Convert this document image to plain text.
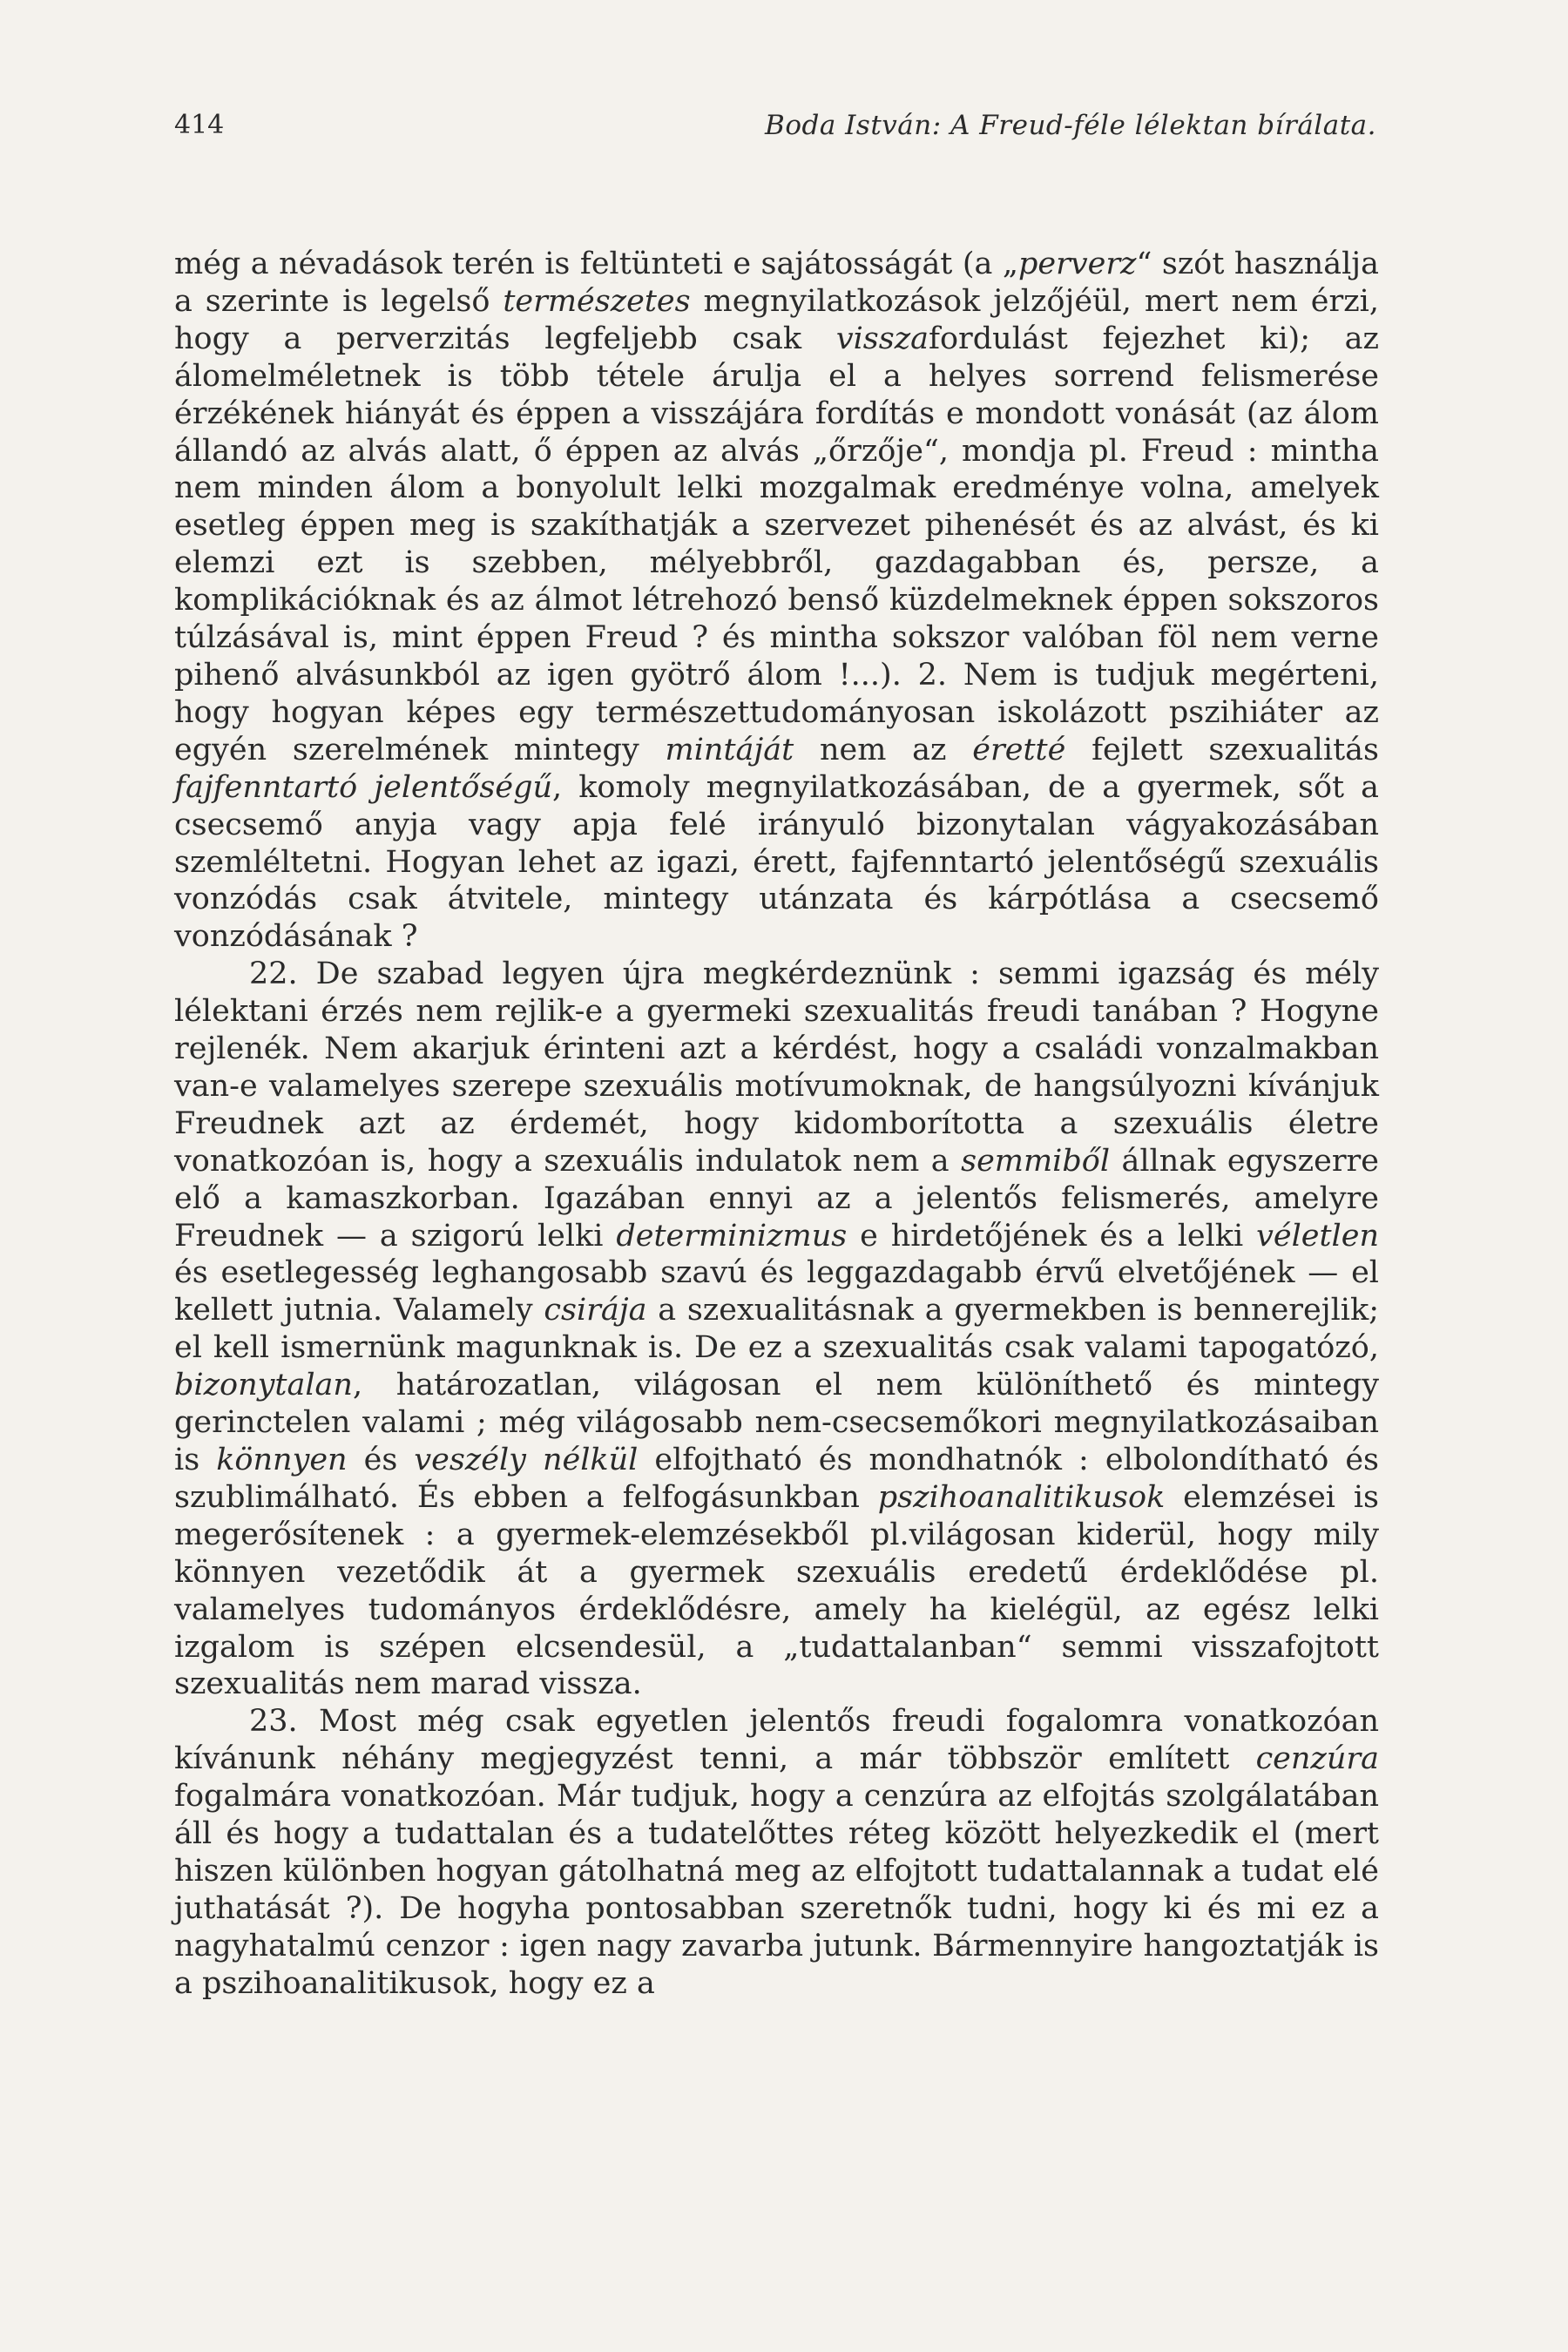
414	Boda István: A Freud-féle lélektan bírálata.

még a névadások terén is feltünteti e sajátosságát (a „perverz“ szót használja a szerinte is legelső természetes megnyilatkozások jelzőjéül, mert nem érzi, hogy a perverzitás legfeljebb csak visszafordulást fejezhet ki); az álomelméletnek is több tétele árulja el a helyes sorrend felismerése érzékének hiányát és éppen a visszájára fordítás e mondott vonását (az álom állandó az alvás alatt, ő éppen az alvás „őrzője“, mondja pl. Freud : mintha nem minden álom a bonyolult lelki mozgalmak eredménye volna, amelyek esetleg éppen meg is szakíthatják a szervezet pihenését és az alvást, és ki elemzi ezt is szebben, mélyebbről, gazdagabban és, persze, a komplikációknak és az álmot létrehozó benső küzdelmeknek éppen sokszoros túlzásával is, mint éppen Freud ? és mintha sokszor valóban föl nem verne pihenő alvásunkból az igen gyötrő álom !...). 2. Nem is tudjuk megérteni, hogy hogyan képes egy természettudományosan iskolázott pszihiáter az egyén szerelmének mintegy mintáját nem az éretté fejlett szexualitás fajfenntartó jelentőségű, komoly megnyilatkozásában, de a gyermek, sőt a csecsemő anyja vagy apja felé irányuló bizonytalan vágyakozásában szemléltetni. Hogyan lehet az igazi, érett, fajfenntartó jelentőségű szexuális vonzódás csak átvitele, mintegy utánzata és kárpótlása a csecsemő vonzódásának ?

22. De szabad legyen újra megkérdeznünk : semmi igazság és mély lélektani érzés nem rejlik-e a gyermeki szexualitás freudi tanában ? Hogyne rejlenék. Nem akarjuk érinteni azt a kérdést, hogy a családi vonzalmakban van-e valamelyes szerepe szexuális motívumoknak, de hangsúlyozni kívánjuk Freudnek azt az érdemét, hogy kidomborította a szexuális életre vonatkozóan is, hogy a szexuális indulatok nem a semmiből állnak egyszerre elő a kamaszkorban. Igazában ennyi az a jelentős felismerés, amelyre Freudnek — a szigorú lelki determinizmus e hirdetőjének és a lelki véletlen és esetlegesség leghangosabb szavú és leggazdagabb érvű elvetőjének — el kellett jutnia. Valamely csirája a szexualitásnak a gyermekben is bennerejlik; el kell ismernünk magunknak is. De ez a szexualitás csak valami tapogatózó, bizonytalan, határozatlan, világosan el nem különíthető és mintegy gerinctelen valami ; még világosabb nem-csecsemőkori megnyilatkozásaiban is könnyen és veszély nélkül elfojtható és mondhatnók : elbolondítható és szublimálható. És ebben a felfogásunkban pszihoanalitikusok elemzései is megerősítenek : a gyermek-elemzésekből pl.világosan kiderül, hogy mily könnyen vezetődik át a gyermek szexuális eredetű érdeklődése pl. valamelyes tudományos érdeklődésre, amely ha kielégül, az egész lelki izgalom is szépen elcsendesül, a „tudattalanban“ semmi visszafojtott szexualitás nem marad vissza.

23. Most még csak egyetlen jelentős freudi fogalomra vonatkozóan kívánunk néhány megjegyzést tenni, a már többször említett cenzúra fogalmára vonatkozóan. Már tudjuk, hogy a cenzúra az elfojtás szolgálatában áll és hogy a tudattalan és a tudatelőttes réteg között helyezkedik el (mert hiszen különben hogyan gátolhatná meg az elfojtott tudattalannak a tudat elé juthatását ?). De hogyha pontosabban szeretnők tudni, hogy ki és mi ez a nagyhatalmú cenzor : igen nagy zavarba jutunk. Bármennyire hangoztatják is a pszihoanalitikusok, hogy ez a
